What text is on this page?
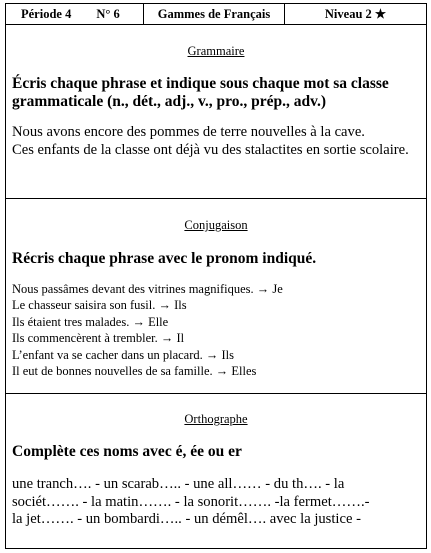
Période 4 N° 6	Gammes de Français	Niveau 2 ★
Grammaire
Écris chaque phrase et indique sous chaque mot sa classe grammaticale (n., dét., adj., v., pro., prép., adv.)
Nous avons encore des pommes de terre nouvelles à la cave.
Ces enfants de la classe ont déjà vu des stalactites en sortie scolaire.
Conjugaison
Récris chaque phrase avec le pronom indiqué.
Nous passâmes devant des vitrines magnifiques. → Je
Le chasseur saisira son fusil. → Ils
Ils étaient tres malades. → Elle
Ils commencèrent à trembler. → Il
L’enfant va se cacher dans un placard. → Ils
Il eut de bonnes nouvelles de sa famille. → Elles
Orthographe
Complète ces noms avec é, ée ou er
une tranch…. - un scarab….. - une all…… - du th…. - la
sociét……. - la matin……. - la sonorit……. -la fermet…….-
la jet……. - un bombardi….. - un démêl…. avec la justice -
